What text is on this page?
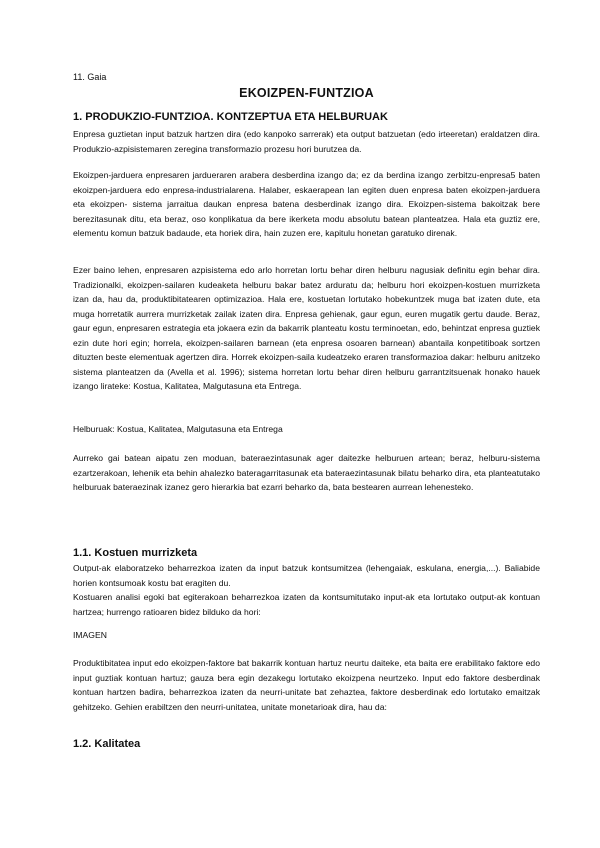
11. Gaia
EKOIZPEN-FUNTZIOA
1. PRODUKZIO-FUNTZIOA. KONTZEPTUA ETA HELBURUAK
Enpresa guztietan input batzuk hartzen dira (edo kanpoko sarrerak) eta output batzuetan (edo irteeretan) eraldatzen dira. Produkzio-azpisistemaren zeregina transformazio prozesu hori burutzea da.
Ekoizpen-jarduera enpresaren jardueraren arabera desberdina izango da; ez da berdina izango zerbitzu-enpresa5 baten ekoizpen-jarduera edo enpresa-industrialarena. Halaber, eskaerapean lan egiten duen enpresa baten ekoizpen-jarduera eta ekoizpen- sistema jarraitua daukan enpresa batena desberdinak izango dira. Ekoizpen-sistema bakoitzak bere berezitasunak ditu, eta beraz, oso konplikatua da bere ikerketa modu absolutu batean planteatzea. Hala eta guztiz ere, elementu komun batzuk badaude, eta horiek dira, hain zuzen ere, kapitulu honetan garatuko direnak.
Ezer baino lehen, enpresaren azpisistema edo arlo horretan lortu behar diren helburu nagusiak definitu egin behar dira. Tradizionalki, ekoizpen-sailaren kudeaketa helburu bakar batez arduratu da; helburu hori ekoizpen-kostuen murrizketa izan da, hau da, produktibitatearen optimizazioa. Hala ere, kostuetan lortutako hobekuntzek muga bat izaten dute, eta muga horretatik aurrera murrizketak zailak izaten dira. Enpresa gehienak, gaur egun, euren mugatik gertu daude. Beraz, gaur egun, enpresaren estrategia eta jokaera ezin da bakarrik planteatu kostu terminoetan, edo, behintzat enpresa guztiek ezin dute hori egin; horrela, ekoizpen-sailaren barnean (eta enpresa osoaren barnean) abantaila konpetitiboak sortzen dituzten beste elementuak agertzen dira. Horrek ekoizpen-saila kudeatzeko eraren transformazioa dakar: helburu anitzeko sistema planteatzen da (Avella et al. 1996); sistema horretan lortu behar diren helburu garrantzitsuenak honako hauek izango lirateke: Kostua, Kalitatea, Malgutasuna eta Entrega.
Helburuak: Kostua, Kalitatea, Malgutasuna eta Entrega
Aurreko gai batean aipatu zen moduan, bateraezintasunak ager daitezke helburuen artean; beraz, helburu-sistema ezartzerakoan, lehenik eta behin ahalezko bateragarritasunak eta bateraezintasunak bilatu beharko dira, eta planteatutako helburuak bateraezinak izanez gero hierarkia bat ezarri beharko da, bata bestearen aurrean lehenesteko.
1.1. Kostuen murrizketa
Output-ak elaboratzeko beharrezkoa izaten da input batzuk kontsumitzea (lehengaiak, eskulana, energia,...). Baliabide horien kontsumoak kostu bat eragiten du.
Kostuaren analisi egoki bat egiterakoan beharrezkoa izaten da kontsumitutako input-ak eta lortutako output-ak kontuan hartzea; hurrengo ratioaren bidez bilduko da hori:
IMAGEN
Produktibitatea input edo ekoizpen-faktore bat bakarrik kontuan hartuz neurtu daiteke, eta baita ere erabilitako faktore edo input guztiak kontuan hartuz; gauza bera egin dezakegu lortutako ekoizpena neurtzeko. Input edo faktore desberdinak kontuan hartzen badira, beharrezkoa izaten da neurri-unitate bat zehaztea, faktore desberdinak edo lortutako emaitzak gehitzeko. Gehien erabiltzen den neurri-unitatea, unitate monetarioak dira, hau da:
1.2. Kalitatea
